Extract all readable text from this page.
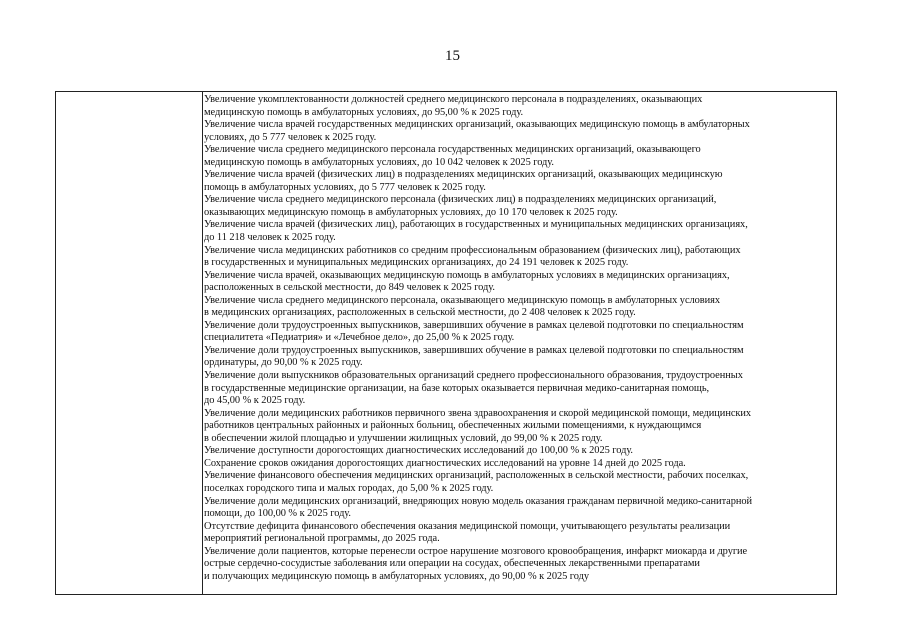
15
Увеличение укомплектованности должностей среднего медицинского персонала в подразделениях, оказывающих
медицинскую помощь в амбулаторных условиях, до 95,00 % к 2025 году.
Увеличение числа врачей государственных медицинских организаций, оказывающих медицинскую помощь в амбулаторных
условиях, до 5 777 человек к 2025 году.
Увеличение числа среднего медицинского персонала государственных медицинских организаций, оказывающего
медицинскую помощь в амбулаторных условиях, до 10 042 человек к 2025 году.
Увеличение числа врачей (физических лиц) в подразделениях медицинских организаций, оказывающих медицинскую
помощь в амбулаторных условиях, до 5 777 человек к 2025 году.
Увеличение числа среднего медицинского персонала (физических лиц) в подразделениях медицинских организаций,
оказывающих медицинскую помощь в амбулаторных условиях, до 10 170 человек к 2025 году.
Увеличение числа врачей (физических лиц), работающих в государственных и муниципальных медицинских организациях,
до 11 218 человек к 2025 году.
Увеличение числа медицинских работников со средним профессиональным образованием (физических лиц), работающих
в государственных и муниципальных медицинских организациях, до 24 191 человек к 2025 году.
Увеличение числа врачей, оказывающих медицинскую помощь в амбулаторных условиях в медицинских организациях,
расположенных в сельской местности, до 849 человек к 2025 году.
Увеличение числа среднего медицинского персонала, оказывающего медицинскую помощь в амбулаторных условиях
в медицинских организациях, расположенных в сельской местности, до 2 408 человек к 2025 году.
Увеличение доли трудоустроенных выпускников, завершивших обучение в рамках целевой подготовки по специальностям
специалитета «Педиатрия» и «Лечебное дело», до 25,00 % к 2025 году.
Увеличение доли трудоустроенных выпускников, завершивших обучение в рамках целевой подготовки по специальностям
ординатуры, до 90,00 % к 2025 году.
Увеличение доли выпускников образовательных организаций среднего профессионального образования, трудоустроенных
в государственные медицинские организации, на базе которых оказывается первичная медико-санитарная помощь,
до 45,00 % к 2025 году.
Увеличение доли медицинских работников первичного звена здравоохранения и скорой медицинской помощи, медицинских
работников центральных районных и районных больниц, обеспеченных жилыми помещениями, к нуждающимся
в обеспечении жилой площадью и улучшении жилищных условий, до 99,00 % к 2025 году.
Увеличение доступности дорогостоящих диагностических исследований до 100,00 % к 2025 году.
Сохранение сроков ожидания дорогостоящих диагностических исследований на уровне 14 дней до 2025 года.
Увеличение финансового обеспечения медицинских организаций, расположенных в сельской местности, рабочих поселках,
поселках городского типа и малых городах, до 5,00 % к 2025 году.
Увеличение доли медицинских организаций, внедряющих новую модель оказания гражданам первичной медико-санитарной
помощи, до 100,00 % к 2025 году.
Отсутствие дефицита финансового обеспечения оказания медицинской помощи, учитывающего результаты реализации
мероприятий региональной программы, до 2025 года.
Увеличение доли пациентов, которые перенесли острое нарушение мозгового кровообращения, инфаркт миокарда и другие
острые сердечно-сосудистые заболевания или операции на сосудах, обеспеченных лекарственными препаратами
и получающих медицинскую помощь в амбулаторных условиях, до 90,00 % к 2025 году
